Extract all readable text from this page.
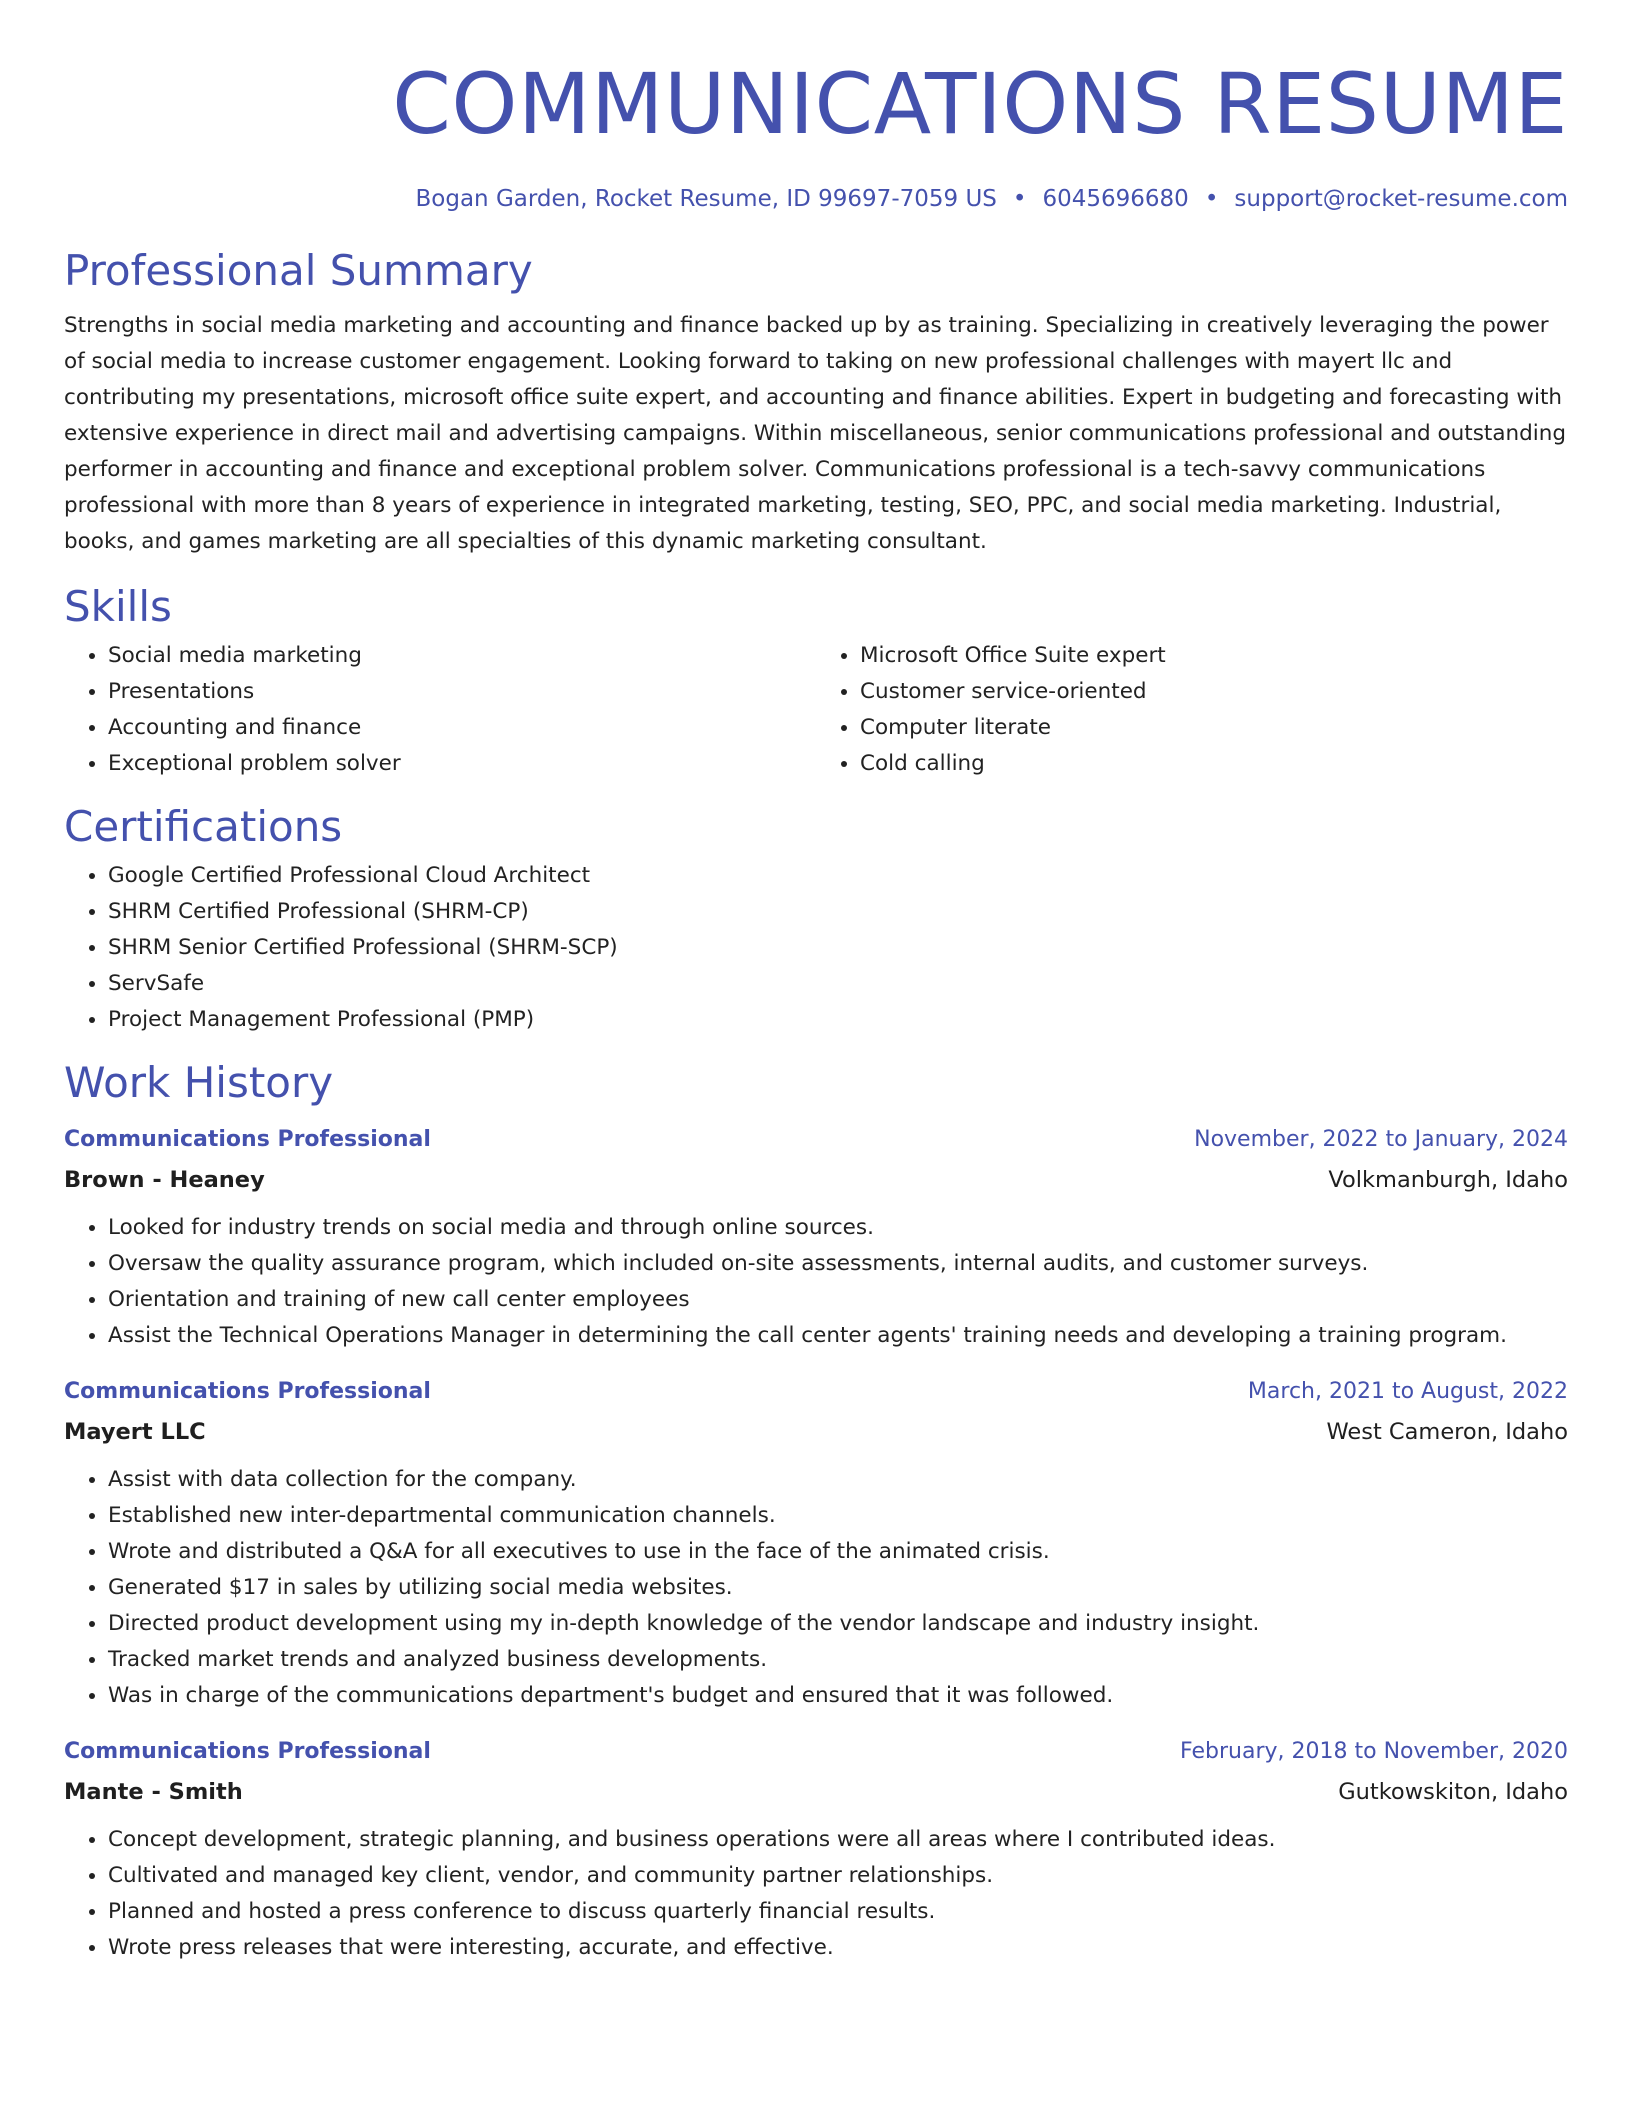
COMMUNICATIONS RESUME
Bogan Garden, Rocket Resume, ID 99697-7059 US • 6045696680 • support@rocket-resume.com
Professional Summary

Strengths in social media marketing and accounting and finance backed up by as training. Specializing in creatively leveraging the power of social media to increase customer engagement. Looking forward to taking on new professional challenges with mayert llc and contributing my presentations, microsoft office suite expert, and accounting and finance abilities. Expert in budgeting and forecasting with extensive experience in direct mail and advertising campaigns. Within miscellaneous, senior communications professional and outstanding performer in accounting and finance and exceptional problem solver. Communications professional is a tech-savvy communications professional with more than 8 years of experience in integrated marketing, testing, SEO, PPC, and social media marketing. Industrial, books, and games marketing are all specialties of this dynamic marketing consultant.

Skills
• Social media marketing
• Presentations
• Accounting and finance
• Exceptional problem solver
• Microsoft Office Suite expert
• Customer service-oriented
• Computer literate
• Cold calling
Certifications
• Google Certified Professional Cloud Architect
• SHRM Certified Professional (SHRM-CP)
• SHRM Senior Certified Professional (SHRM-SCP)
• ServSafe
• Project Management Professional (PMP)
Work History
Communications Professional	November, 2022 to January, 2024
Brown - Heaney	Volkmanburgh, Idaho
• Looked for industry trends on social media and through online sources.
• Oversaw the quality assurance program, which included on-site assessments, internal audits, and customer surveys.
• Orientation and training of new call center employees
• Assist the Technical Operations Manager in determining the call center agents' training needs and developing a training program.
Communications Professional	March, 2021 to August, 2022
Mayert LLC	West Cameron, Idaho
• Assist with data collection for the company.
• Established new inter-departmental communication channels.
• Wrote and distributed a Q&A for all executives to use in the face of the animated crisis.
• Generated $17 in sales by utilizing social media websites.
• Directed product development using my in-depth knowledge of the vendor landscape and industry insight.
• Tracked market trends and analyzed business developments.
• Was in charge of the communications department's budget and ensured that it was followed.
Communications Professional	February, 2018 to November, 2020
Mante - Smith	Gutkowskiton, Idaho
• Concept development, strategic planning, and business operations were all areas where I contributed ideas.
• Cultivated and managed key client, vendor, and community partner relationships.
• Planned and hosted a press conference to discuss quarterly financial results.
• Wrote press releases that were interesting, accurate, and effective.
